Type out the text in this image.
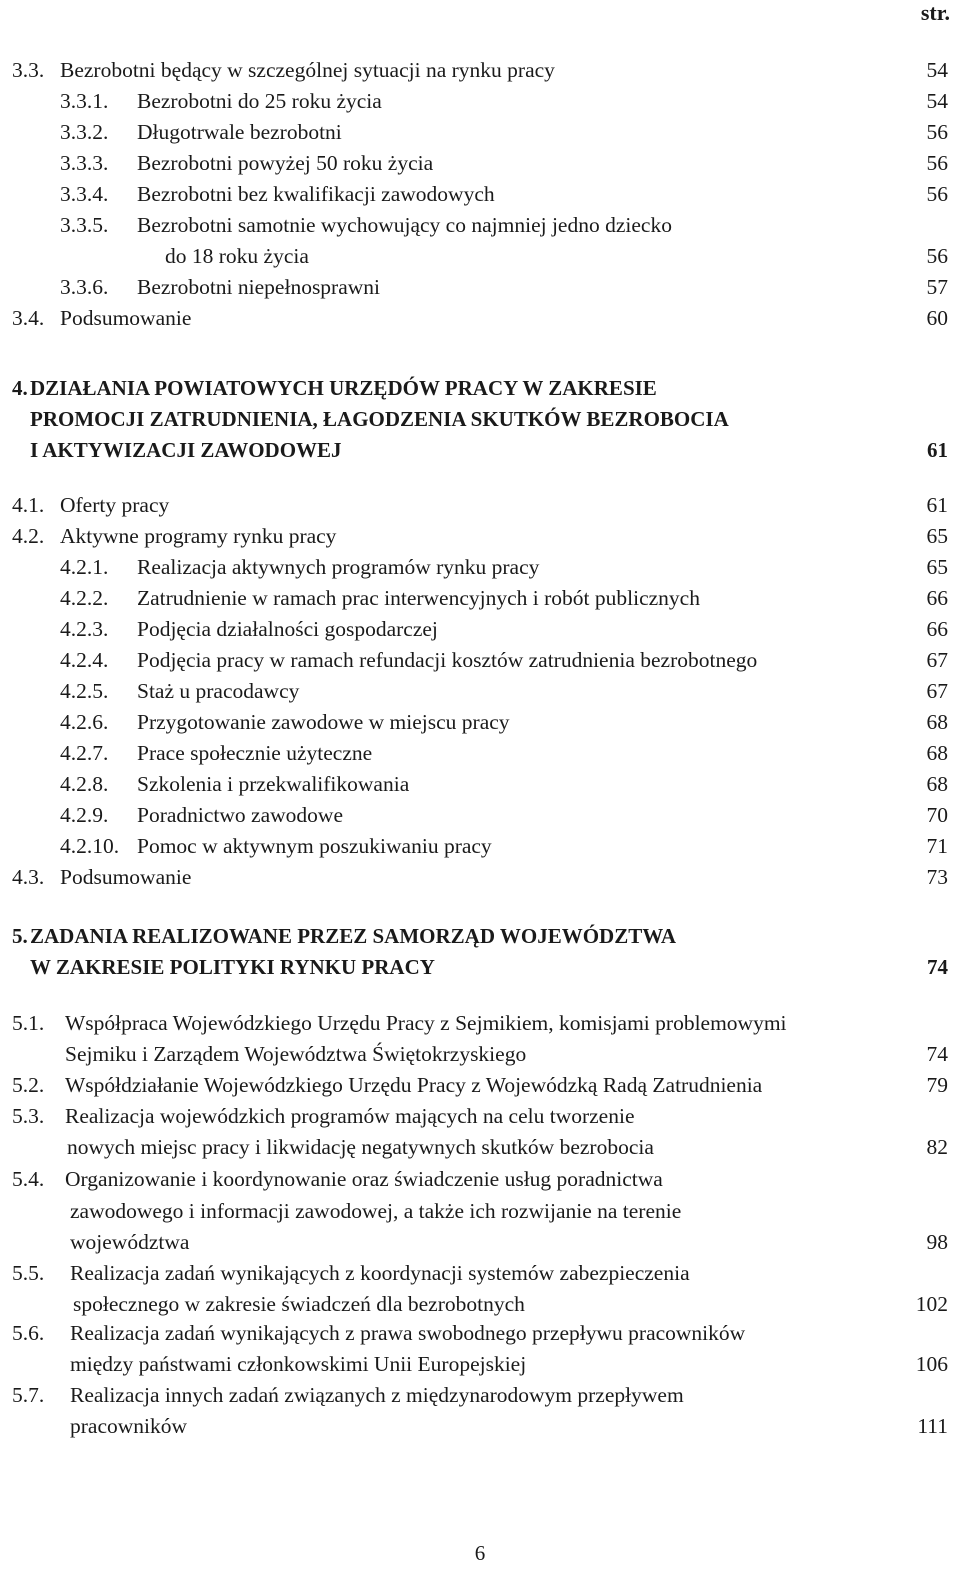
str.
3.3. Bezrobotni będący w szczególnej sytuacji na rynku pracy	54
3.3.1. Bezrobotni do 25 roku życia	54
3.3.2. Długotrwale bezrobotni	56
3.3.3. Bezrobotni powyżej 50 roku życia	56
3.3.4. Bezrobotni bez kwalifikacji zawodowych	56
3.3.5. Bezrobotni samotnie wychowujący co najmniej jedno dziecko
do 18 roku życia	56
3.3.6. Bezrobotni niepełnosprawni	57
3.4. Podsumowanie	60
4. DZIAŁANIA POWIATOWYCH URZĘDÓW PRACY W ZAKRESIE
PROMOCJI ZATRUDNIENIA, ŁAGODZENIA SKUTKÓW BEZROBOCIA
I AKTYWIZACJI ZAWODOWEJ	61
4.1. Oferty pracy	61
4.2. Aktywne programy rynku pracy	65
4.2.1. Realizacja aktywnych programów rynku pracy	65
4.2.2. Zatrudnienie w ramach prac interwencyjnych i robót publicznych	66
4.2.3. Podjęcia działalności gospodarczej	66
4.2.4. Podjęcia pracy w ramach refundacji kosztów zatrudnienia bezrobotnego	67
4.2.5. Staż u pracodawcy	67
4.2.6. Przygotowanie zawodowe w miejscu pracy	68
4.2.7. Prace społecznie użyteczne	68
4.2.8. Szkolenia i przekwalifikowania	68
4.2.9. Poradnictwo zawodowe	70
4.2.10. Pomoc w aktywnym poszukiwaniu pracy	71
4.3. Podsumowanie	73
5. ZADANIA REALIZOWANE PRZEZ SAMORZĄD WOJEWÓDZTWA
W ZAKRESIE POLITYKI RYNKU PRACY	74
5.1. Współpraca Wojewódzkiego Urzędu Pracy z Sejmikiem, komisjami problemowymi
Sejmiku i Zarządem Województwa Świętokrzyskiego	74
5.2. Współdziałanie Wojewódzkiego Urzędu Pracy z Wojewódzką Radą Zatrudnienia	79
5.3. Realizacja wojewódzkich programów mających na celu tworzenie
nowych miejsc pracy i likwidację negatywnych skutków bezrobocia	82
5.4. Organizowanie i koordynowanie oraz świadczenie usług poradnictwa
zawodowego i informacji zawodowej, a także ich rozwijanie na terenie
województwa	98
5.5. Realizacja zadań wynikających z koordynacji systemów zabezpieczenia
społecznego w zakresie świadczeń dla bezrobotnych	102
5.6. Realizacja zadań wynikających z prawa swobodnego przepływu pracowników
między państwami członkowskimi Unii Europejskiej	106
5.7. Realizacja innych zadań związanych z międzynarodowym przepływem
pracowników	111
6
